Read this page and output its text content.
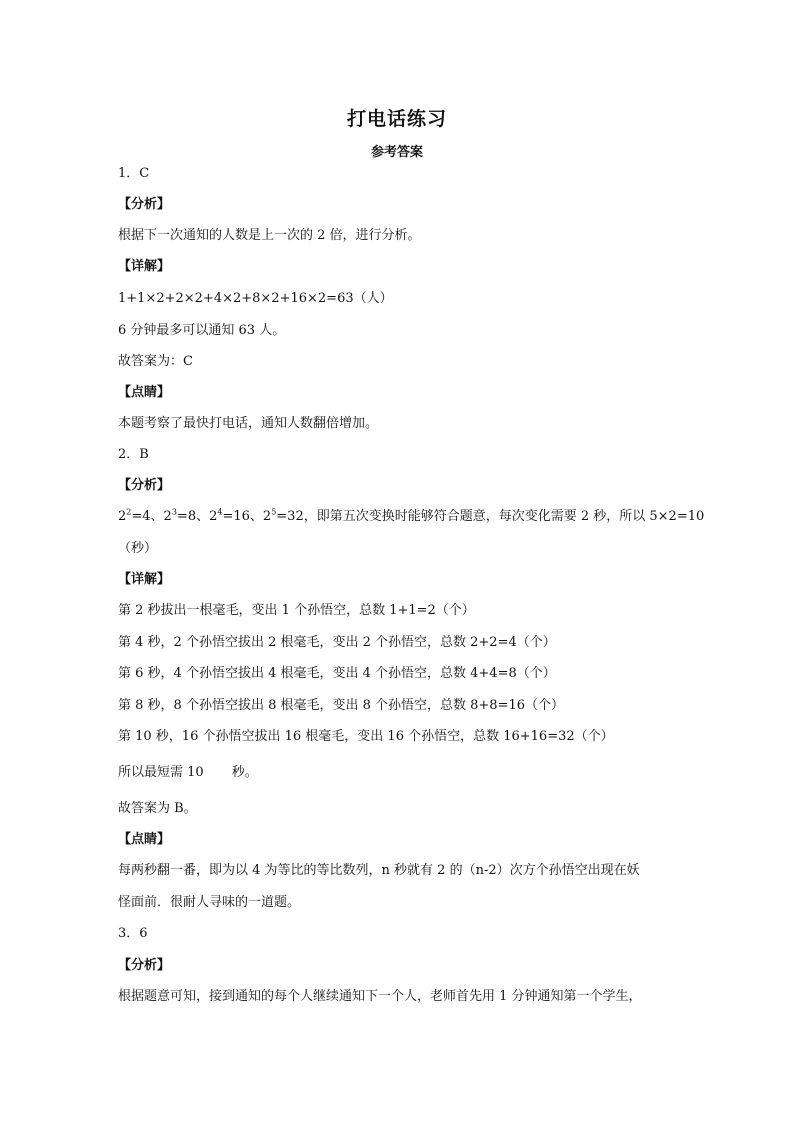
打电话练习
参考答案
1．C
【分析】
根据下一次通知的人数是上一次的 2 倍，进行分析。
【详解】
1+1×2+2×2+4×2+8×2+16×2=63（人）
6 分钟最多可以通知 63 人。
故答案为：C
【点睛】
本题考察了最快打电话，通知人数翻倍增加。
2．B
【分析】
$2^2=4$、$2^3=8$、$2^4=16$、$2^5=32$，即第五次变换时能够符合题意，每次变化需要 2 秒，所以 5×2=10
（秒）
【详解】
第 2 秒拔出一根毫毛，变出 1 个孙悟空，总数 1+1=2（个）
第 4 秒，2 个孙悟空拔出 2 根毫毛，变出 2 个孙悟空，总数 2+2=4（个）
第 6 秒，4 个孙悟空拔出 4 根毫毛，变出 4 个孙悟空，总数 4+4=8（个）
第 8 秒，8 个孙悟空拔出 8 根毫毛，变出 8 个孙悟空，总数 8+8=16（个）
第 10 秒，16 个孙悟空拔出 16 根毫毛，变出 16 个孙悟空，总数 16+16=32（个）
所以最短需 10 秒。
故答案为 B。
【点睛】
每两秒翻一番，即为以 4 为等比的等比数列，n 秒就有 2 的（n-2）次方个孙悟空出现在妖
怪面前．很耐人寻味的一道题。
3．6
【分析】
根据题意可知，接到通知的每个人继续通知下一个人，老师首先用 1 分钟通知第一个学生，
